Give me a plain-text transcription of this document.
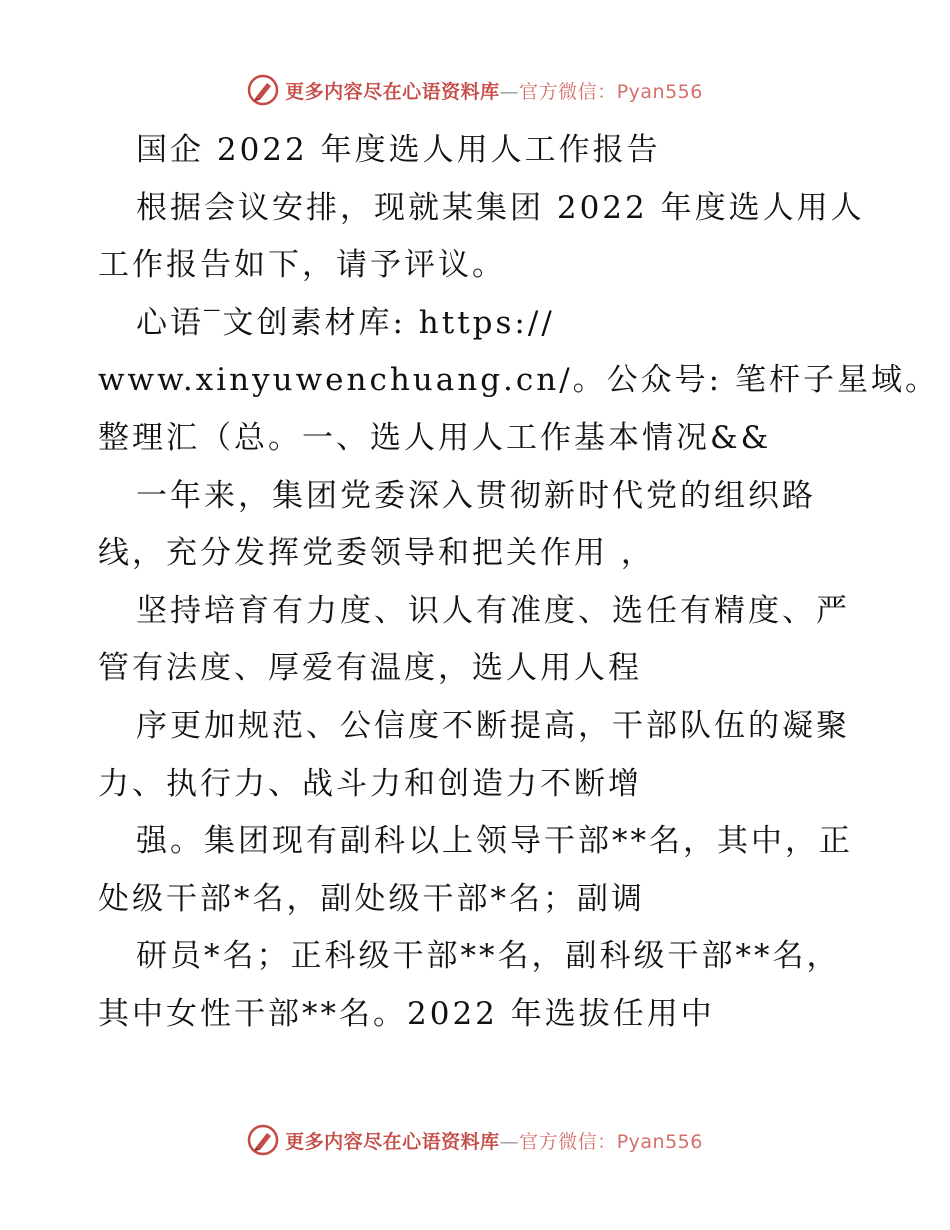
更多内容尽在心语资料库—官方微信：Pyan556
国企 2022 年度选人用人工作报告
根据会议安排，现就某集团 2022 年度选人用人
工作报告如下，请予评议。
心语‾文创素材库: https://
www.xinyuwenchuang.cn/。公众号: 笔杆子星域。
整理汇（总。一、选人用人工作基本情况&&
一年来，集团党委深入贯彻新时代党的组织路
线，充分发挥党委领导和把关作用 ，
坚持培育有力度、识人有准度、选任有精度、严
管有法度、厚爱有温度，选人用人程
序更加规范、公信度不断提高，干部队伍的凝聚
力、执行力、战斗力和创造力不断增
强。集团现有副科以上领导干部**名，其中，正
处级干部*名，副处级干部*名；副调
研员*名；正科级干部**名，副科级干部**名，
其中女性干部**名。2022 年选拔任用中
更多内容尽在心语资料库—官方微信：Pyan556
